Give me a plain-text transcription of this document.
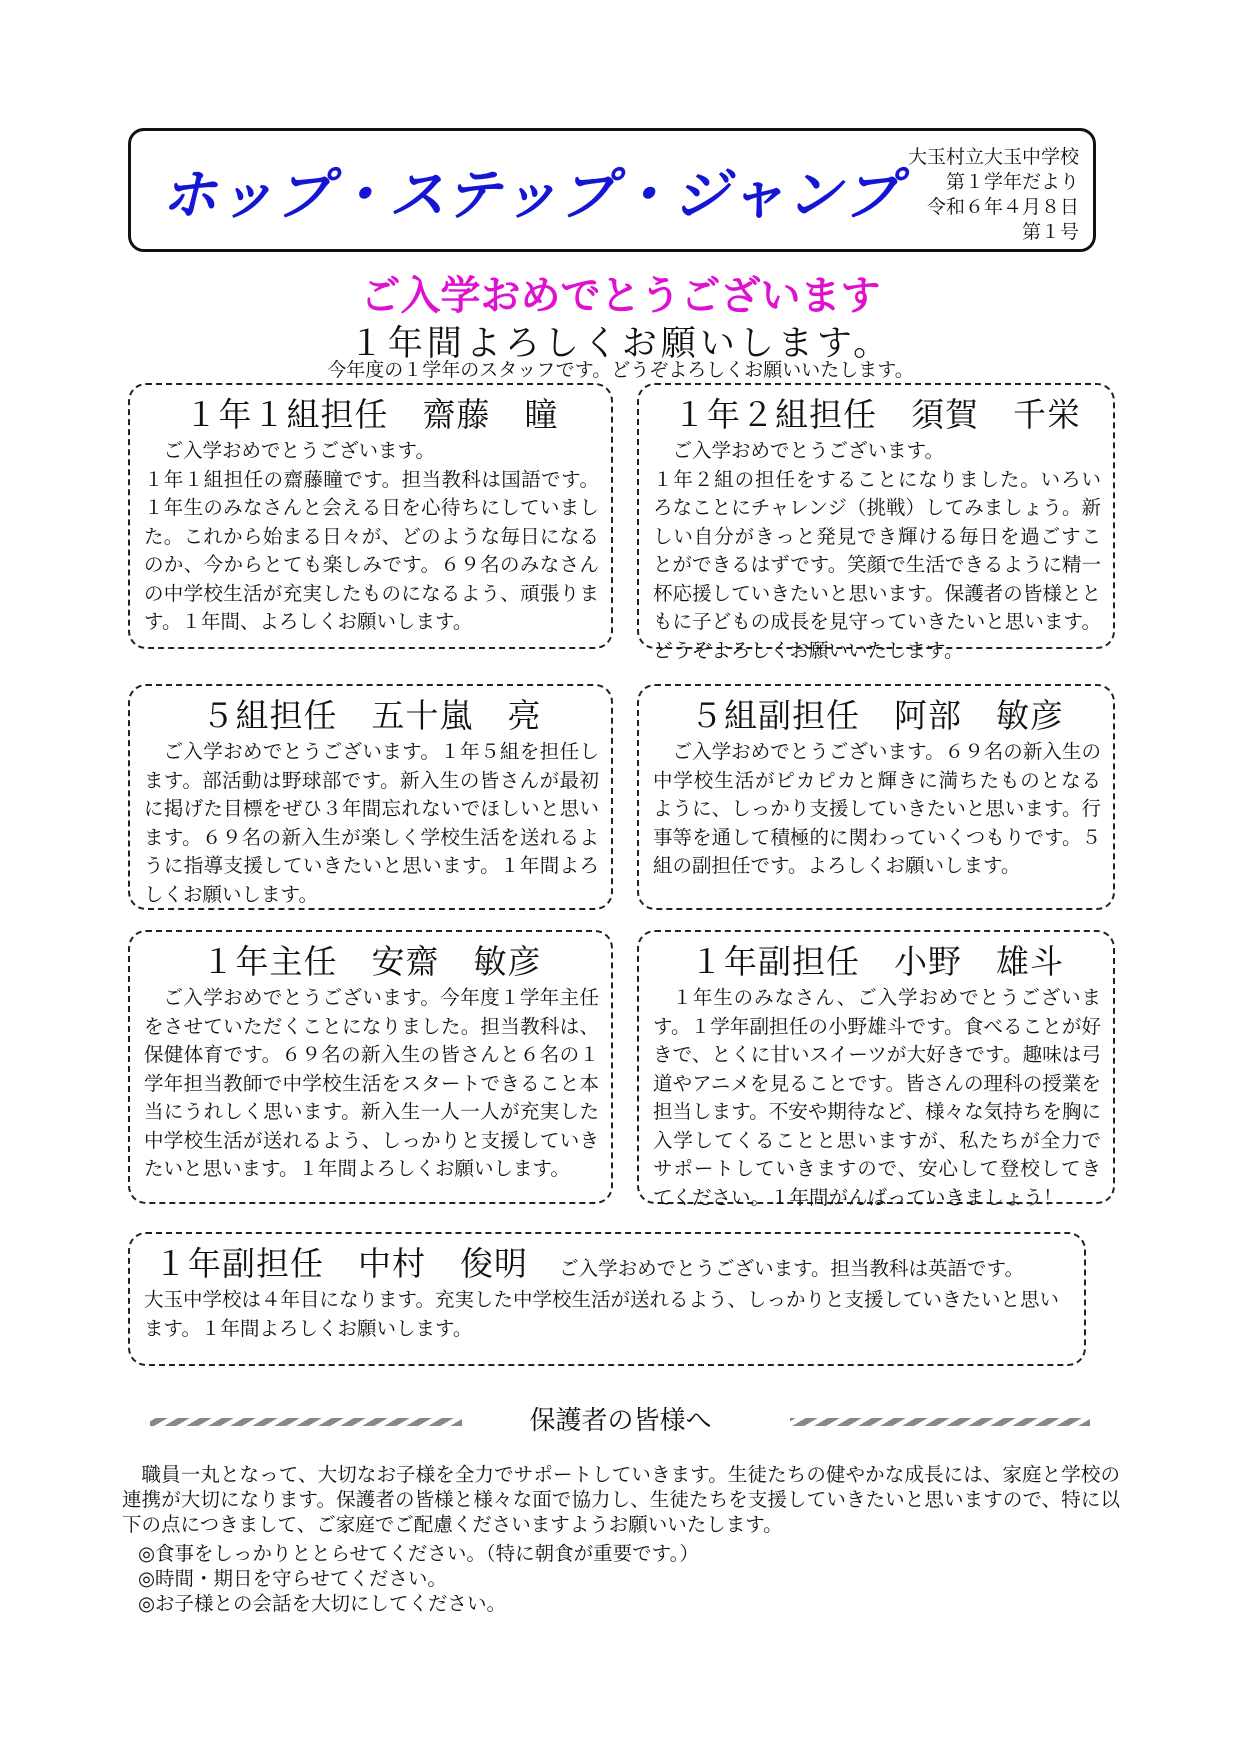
ホップ・ステップ・ジャンプ
大玉村立大玉中学校
第１学年だより
令和６年４月８日
第１号
ご入学おめでとうございます
１年間よろしくお願いします。
今年度の１学年のスタッフです。どうぞよろしくお願いいたします。
１年１組担任　齋藤　瞳
ご入学おめでとうございます。
１年１組担任の齋藤瞳です。担当教科は国語です。１年生のみなさんと会える日を心待ちにしていました。これから始まる日々が、どのような毎日になるのか、今からとても楽しみです。６９名のみなさんの中学校生活が充実したものになるよう、頑張ります。１年間、よろしくお願いします。
１年２組担任　須賀　千栄
ご入学おめでとうございます。
１年２組の担任をすることになりました。いろいろなことにチャレンジ（挑戦）してみましょう。新しい自分がきっと発見でき輝ける毎日を過ごすことができるはずです。笑顔で生活できるように精一杯応援していきたいと思います。保護者の皆様とともに子どもの成長を見守っていきたいと思います。どうぞよろしくお願いいたします。
５組担任　五十嵐　亮
ご入学おめでとうございます。１年５組を担任します。部活動は野球部です。新入生の皆さんが最初に掲げた目標をぜひ３年間忘れないでほしいと思います。６９名の新入生が楽しく学校生活を送れるように指導支援していきたいと思います。１年間よろしくお願いします。
５組副担任　阿部　敏彦
ご入学おめでとうございます。６９名の新入生の中学校生活がピカピカと輝きに満ちたものとなるように、しっかり支援していきたいと思います。行事等を通して積極的に関わっていくつもりです。５組の副担任です。よろしくお願いします。
１年主任　安齋　敏彦
ご入学おめでとうございます。今年度１学年主任をさせていただくことになりました。担当教科は、保健体育です。６９名の新入生の皆さんと６名の１学年担当教師で中学校生活をスタートできること本当にうれしく思います。新入生一人一人が充実した中学校生活が送れるよう、しっかりと支援していきたいと思います。１年間よろしくお願いします。
１年副担任　小野　雄斗
１年生のみなさん、ご入学おめでとうございます。１学年副担任の小野雄斗です。食べることが好きで、とくに甘いスイーツが大好きです。趣味は弓道やアニメを見ることです。皆さんの理科の授業を担当します。不安や期待など、様々な気持ちを胸に入学してくることと思いますが、私たちが全力でサポートしていきますので、安心して登校してきてください。１年間がんばっていきましょう！
１年副担任　中村　俊明 ご入学おめでとうございます。担当教科は英語です。
大玉中学校は４年目になります。充実した中学校生活が送れるよう、しっかりと支援していきたいと思います。１年間よろしくお願いします。
保護者の皆様へ

職員一丸となって、大切なお子様を全力でサポートしていきます。生徒たちの健やかな成長には、家庭と学校の連携が大切になります。保護者の皆様と様々な面で協力し、生徒たちを支援していきたいと思いますので、特に以下の点につきまして、ご家庭でご配慮くださいますようお願いいたします。

◎食事をしっかりととらせてください。（特に朝食が重要です。）
◎時間・期日を守らせてください。
◎お子様との会話を大切にしてください。
